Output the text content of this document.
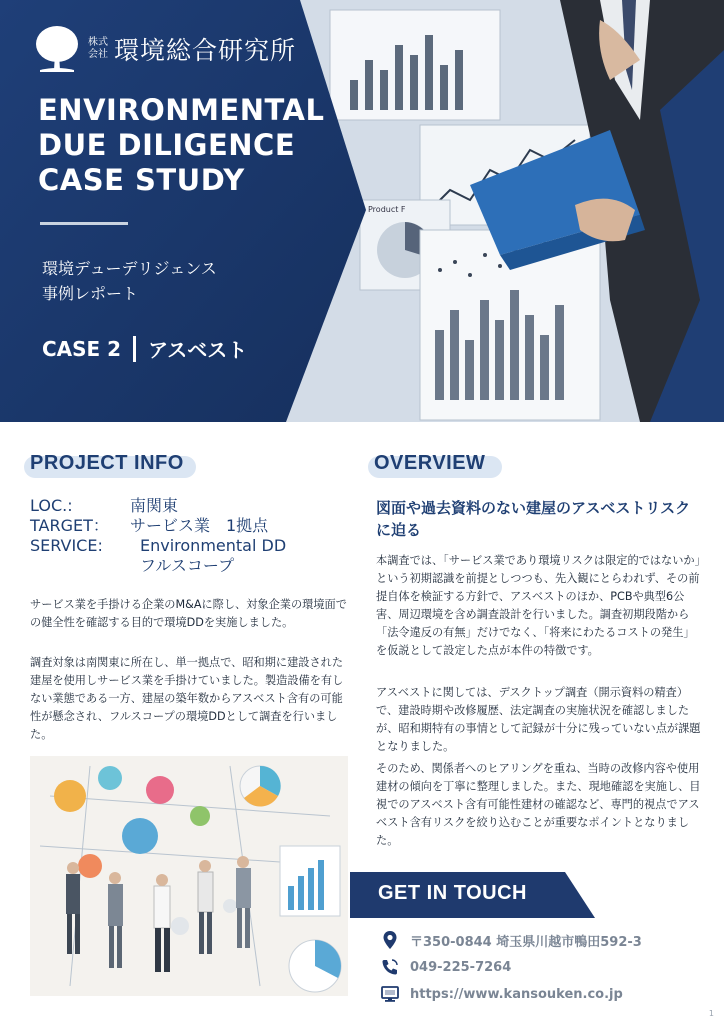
Product F
株式
会社 環境総合研究所
ENVIRONMENTAL
DUE DILIGENCE
CASE STUDY
環境デューデリジェンス
事例レポート
CASE 2 アスベスト
PROJECT INFO
LOC.:	南関東
TARGET：	サービス業　1拠点
SERVICE:	Environmental DD
フルスコープ

サービス業を手掛ける企業のM&Aに際し、対象企業の環境面での健全性を確認する目的で環境DDを実施しました。

調査対象は南関東に所在し、単一拠点で、昭和期に建設された建屋を使用しサービス業を手掛けていました。製造設備を有しない業態である一方、建屋の築年数からアスベスト含有の可能性が懸念され、フルスコープの環境DDとして調査を行いました。

OVERVIEW
図面や過去資料のない建屋のアスベストリスクに迫る

本調査では、「サービス業であり環境リスクは限定的ではないか」という初期認識を前提としつつも、先入観にとらわれず、その前提自体を検証する方針で、アスベストのほか、PCBや典型6公害、周辺環境を含め調査設計を行いました。調査初期段階から「法令違反の有無」だけでなく、「将来にわたるコストの発生」を仮説として設定した点が本件の特徴です。

アスベストに関しては、デスクトップ調査（開示資料の精査）で、建設時期や改修履歴、法定調査の実施状況を確認しましたが、昭和期特有の事情として記録が十分に残っていない点が課題となりました。

そのため、関係者へのヒアリングを重ね、当時の改修内容や使用建材の傾向を丁寧に整理しました。また、現地確認を実施し、目視でのアスベスト含有可能性建材の確認など、専門的視点でアスベスト含有リスクを絞り込むことが重要なポイントとなりました。

GET IN TOUCH
〒350-0844 埼玉県川越市鴨田592-3
049-225-7264
https://www.kansouken.co.jp
1
